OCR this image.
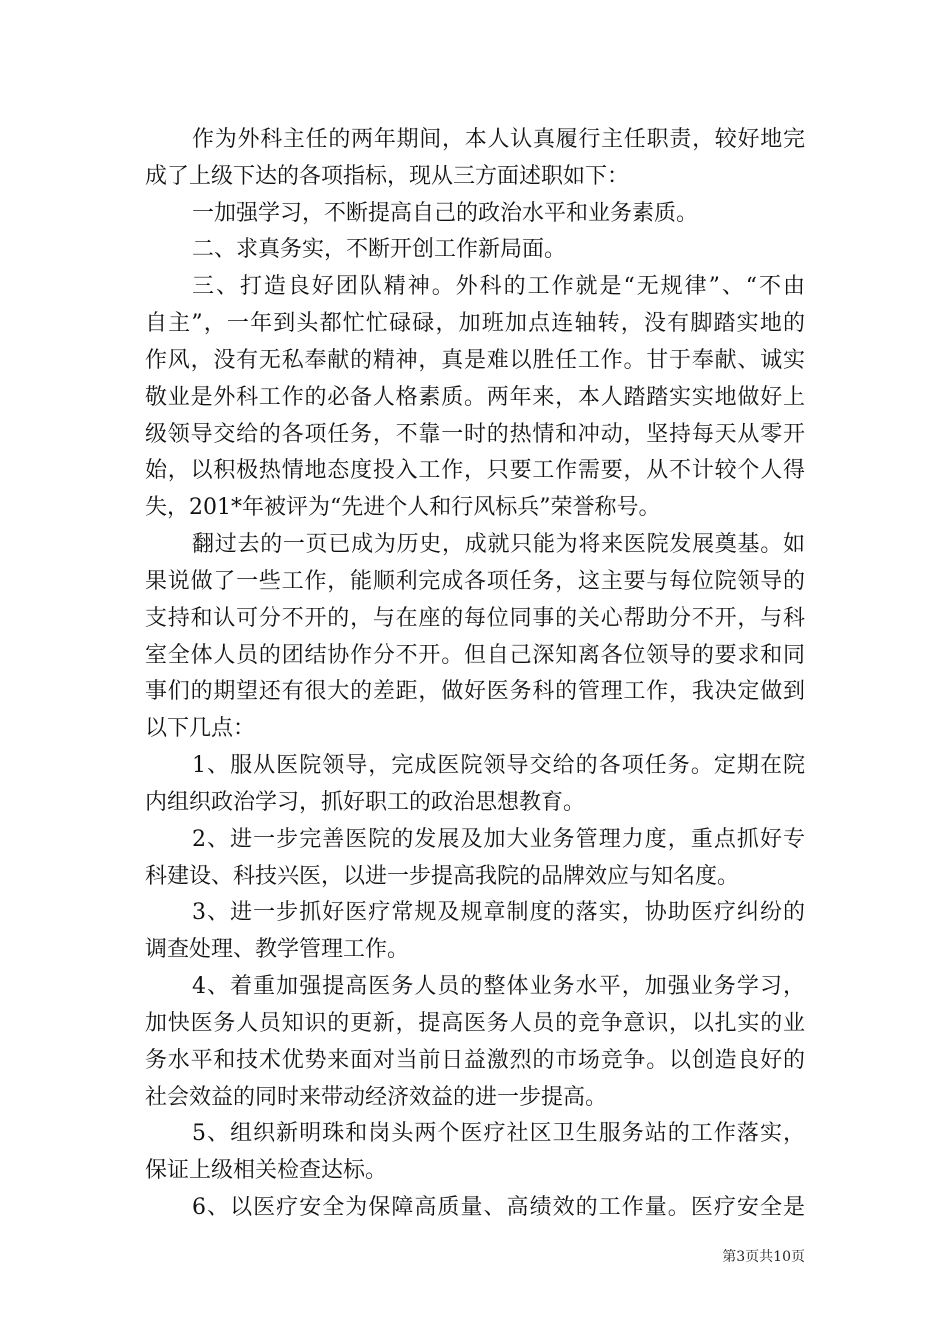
作为外科主任的两年期间，本人认真履行主任职责，较好地完
成了上级下达的各项指标，现从三方面述职如下：
一加强学习，不断提高自己的政治水平和业务素质。
二、求真务实，不断开创工作新局面。
三、打造良好团队精神。外科的工作就是“无规律”、“不由
自主”，一年到头都忙忙碌碌，加班加点连轴转，没有脚踏实地的
作风，没有无私奉献的精神，真是难以胜任工作。甘于奉献、诚实
敬业是外科工作的必备人格素质。两年来，本人踏踏实实地做好上
级领导交给的各项任务，不靠一时的热情和冲动，坚持每天从零开
始，以积极热情地态度投入工作，只要工作需要，从不计较个人得
失，201*年被评为“先进个人和行风标兵”荣誉称号。
翻过去的一页已成为历史，成就只能为将来医院发展奠基。如
果说做了一些工作，能顺利完成各项任务，这主要与每位院领导的
支持和认可分不开的，与在座的每位同事的关心帮助分不开，与科
室全体人员的团结协作分不开。但自己深知离各位领导的要求和同
事们的期望还有很大的差距，做好医务科的管理工作，我决定做到
以下几点：
1、服从医院领导，完成医院领导交给的各项任务。定期在院
内组织政治学习，抓好职工的政治思想教育。
2、进一步完善医院的发展及加大业务管理力度，重点抓好专
科建设、科技兴医，以进一步提高我院的品牌效应与知名度。
3、进一步抓好医疗常规及规章制度的落实，协助医疗纠纷的
调查处理、教学管理工作。
4、着重加强提高医务人员的整体业务水平，加强业务学习，
加快医务人员知识的更新，提高医务人员的竞争意识，以扎实的业
务水平和技术优势来面对当前日益激烈的市场竞争。以创造良好的
社会效益的同时来带动经济效益的进一步提高。
5、组织新明珠和岗头两个医疗社区卫生服务站的工作落实，
保证上级相关检查达标。
6、以医疗安全为保障高质量、高绩效的工作量。医疗安全是
第3页共10页
